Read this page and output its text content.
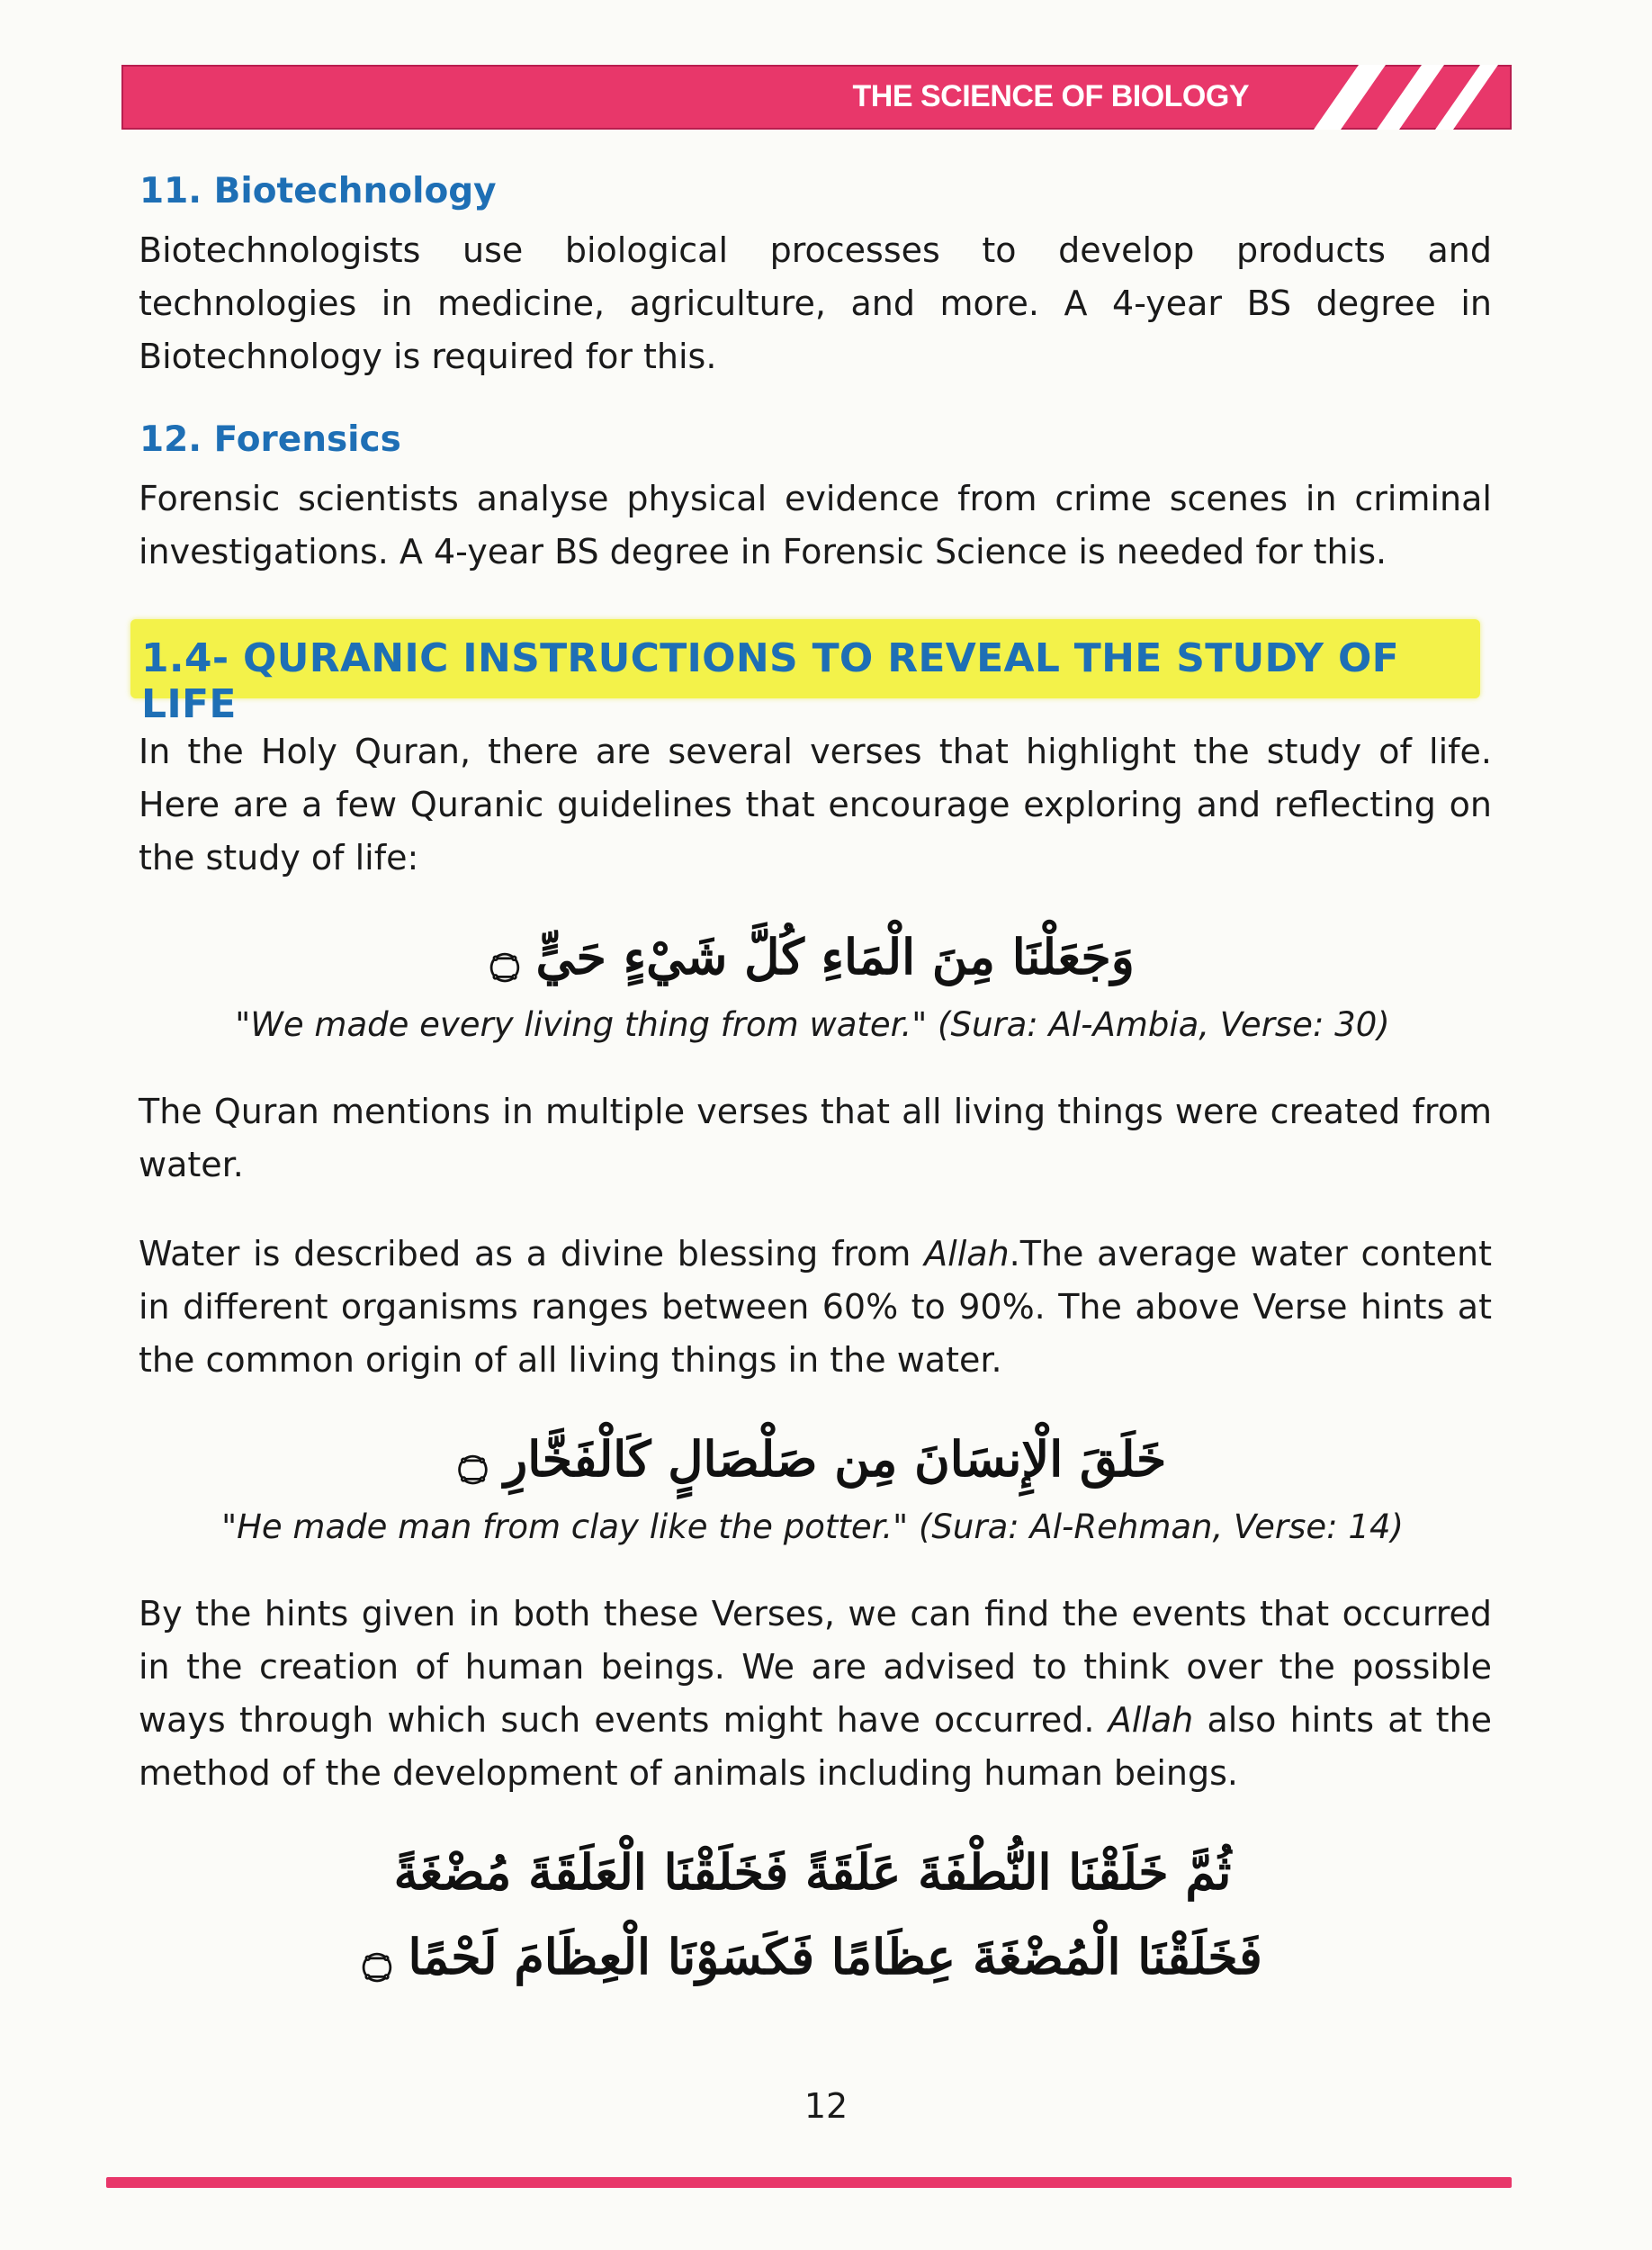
THE SCIENCE OF BIOLOGY
11. Biotechnology

Biotechnologists use biological processes to develop products and technologies in medicine, agriculture, and more. A 4-year BS degree in Biotechnology is required for this.

12. Forensics

Forensic scientists analyse physical evidence from crime scenes in criminal investigations. A 4-year BS degree in Forensic Science is needed for this.

1.4- QURANIC INSTRUCTIONS TO REVEAL THE STUDY OF LIFE

In the Holy Quran, there are several verses that highlight the study of life. Here are a few Quranic guidelines that encourage exploring and reflecting on the study of life:

وَجَعَلْنَا مِنَ الْمَاءِ كُلَّ شَيْءٍ حَيٍّ ۝

"We made every living thing from water." (Sura: Al-Ambia, Verse: 30)

The Quran mentions in multiple verses that all living things were created from water.

Water is described as a divine blessing from Allah.The average water content in different organisms ranges between 60% to 90%. The above Verse hints at the common origin of all living things in the water.

خَلَقَ الْإِنسَانَ مِن صَلْصَالٍ كَالْفَخَّارِ ۝

"He made man from clay like the potter." (Sura: Al-Rehman, Verse: 14)

By the hints given in both these Verses, we can find the events that occurred in the creation of human beings. We are advised to think over the possible ways through which such events might have occurred. Allah also hints at the method of the development of animals including human beings.

ثُمَّ خَلَقْنَا النُّطْفَةَ عَلَقَةً فَخَلَقْنَا الْعَلَقَةَ مُضْغَةً
فَخَلَقْنَا الْمُضْغَةَ عِظَامًا فَكَسَوْنَا الْعِظَامَ لَحْمًا ۝
12
